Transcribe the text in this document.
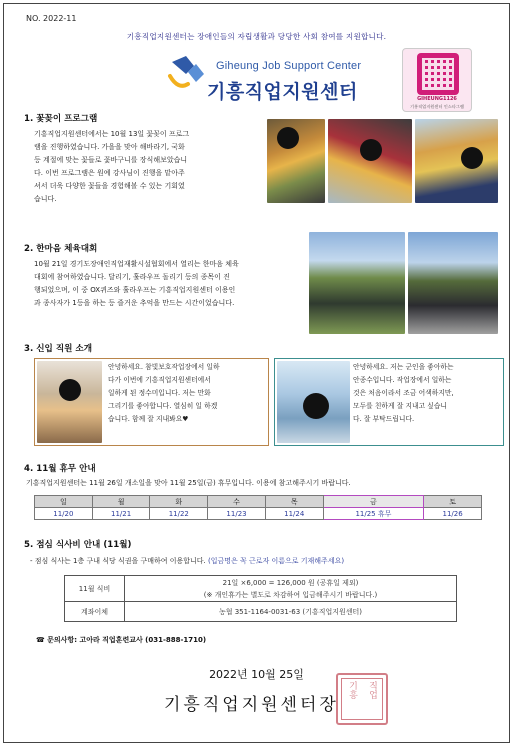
NO. 2022-11
기흥직업지원센터는 장애인들의 자립생활과 당당한 사회 참여를 지원합니다.
Giheung Job Support Center
기흥직업지원센터	GIHEUNG1126
기흥직업지원센터 인스타그램
1. 꽃꽂이 프로그램
기흥직업지원센터에서는 10월 13일 꽃꽂이 프로그
램을 진행하였습니다. 가을을 맞아 해바라기, 국화
등 계절에 맞는 꽃들로 꽃바구니를 장식해보았습니
다. 이번 프로그램은 원예 강사님이 진행을 맡아주
셔서 더욱 다양한 꽃들을 경험해볼 수 있는 기회였
습니다.
2. 한마음 체육대회
10월 21일 경기도장애인직업재활시설협회에서 열리는 한마음 체육
대회에 참여하였습니다. 달리기, 훌라우프 돌리기 등의 종목이 진
행되었으며, 이 중 OX퀴즈와 훌라우프는 기흥직업지원센터 이용인
과 종사자가 1등을 하는 등 즐거운 추억을 만드는 시간이었습니다.
3. 신입 직원 소개
안녕하세요. 참빛보호작업장에서 일하
다가 이번에 기흥직업지원센터에서
일하게 된 정수미입니다. 저는 만화
그리기를 좋아합니다. 열심히 일 하겠
습니다. 함께 잘 지내봐요♥
안녕하세요. 저는 군인을 좋아하는
안종수입니다. 작업장에서 일하는
것은 처음이라서 조금 어색하지만,
모두를 친하게 잘 지내고 싶습니
다. 잘 부탁드립니다.
4. 11월 휴무 안내
기흥직업지원센터는 11월 26일 개소일을 맞아 11월 25일(금) 휴무입니다. 이용에 참고해주시기 바랍니다.
일	월	화	수	목	금	토
11/20	11/21	11/22	11/23	11/24	11/25 휴무	11/26
5. 점심 식사비 안내 (11월)
- 점심 식사는 1층 구내 식당 식권을 구매하여 이용합니다. (입금명은 꼭 근로자 이름으로 기재해주세요)
11월 식비	21일 ×6,000 = 126,000 원 (공휴일 제외)
(※ 개인휴가는 별도로 차감하여 입금해주시기 바랍니다.)

계좌이체	농협 351-1164-0031-63 (기흥직업지원센터)
☎ 문의사항: 고아라 직업훈련교사 (031-888-1710)
2022년 10월 25일
기흥직업지원센터장
직업
기흥
